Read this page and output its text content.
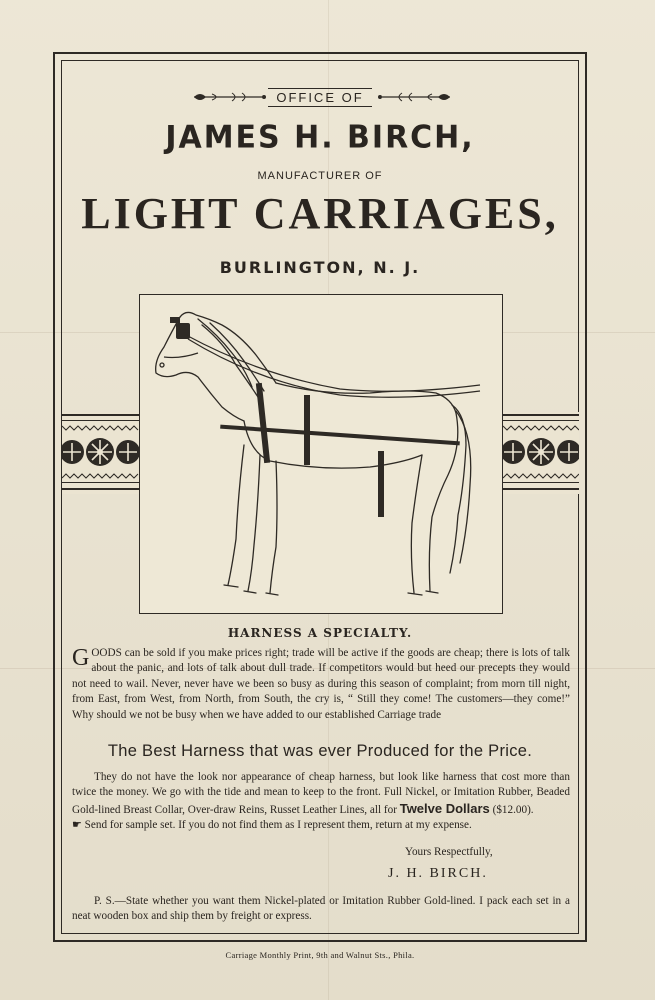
OFFICE OF
JAMES H. BIRCH,
MANUFACTURER OF
LIGHT CARRIAGES,
BURLINGTON, N. J.
HARNESS A SPECIALTY.
GOODS can be sold if you make prices right; trade will be active if the goods are cheap; there is lots of talk about the panic, and lots of talk about dull trade. If competitors would but heed our precepts they would not need to wail. Never, never have we been so busy as during this season of complaint; from morn till night, from East, from West, from North, from South, the cry is, “ Still they come! The customers—they come!” Why should we not be busy when we have added to our established Carriage trade
The Best Harness that was ever Produced for the Price.
They do not have the look nor appearance of cheap harness, but look like harness that cost more than twice the money. We go with the tide and mean to keep to the front. Full Nickel, or Imitation Rubber, Beaded Gold-lined Breast Collar, Over-draw Reins, Russet Leather Lines, all for Twelve Dollars ($12.00).
☛ Send for sample set. If you do not find them as I represent them, return at my expense.
Yours Respectfully,
J. H. BIRCH.
P. S.—State whether you want them Nickel-plated or Imitation Rubber Gold-lined. I pack each set in a neat wooden box and ship them by freight or express.
Carriage Monthly Print, 9th and Walnut Sts., Phila.
